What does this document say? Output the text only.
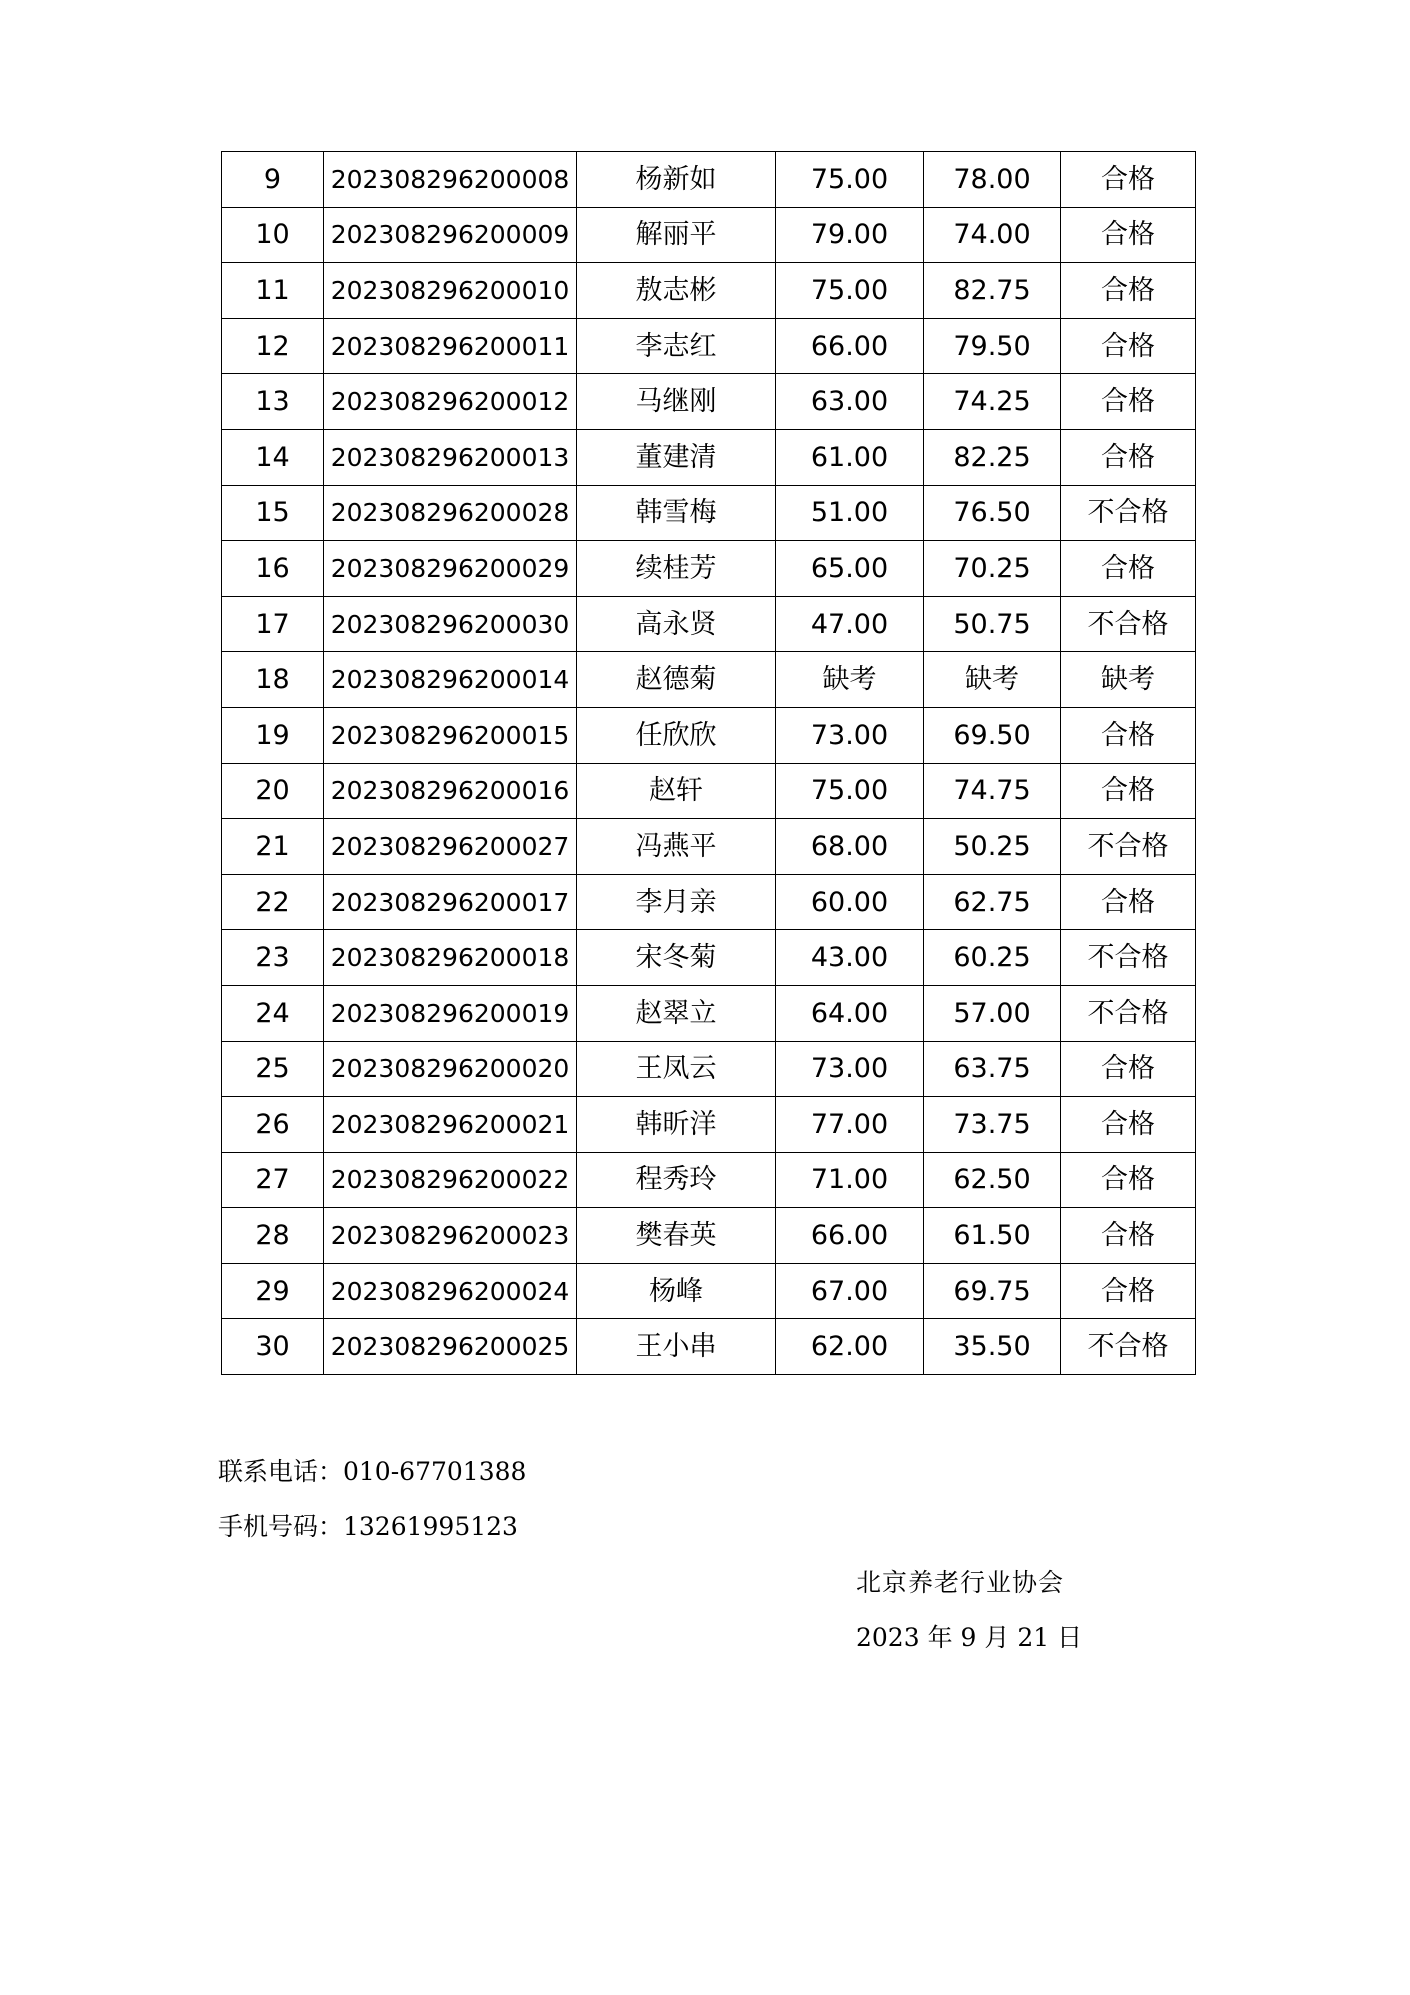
9	202308296200008	杨新如	75.00	78.00	合格
10	202308296200009	解丽平	79.00	74.00	合格
11	202308296200010	敖志彬	75.00	82.75	合格
12	202308296200011	李志红	66.00	79.50	合格
13	202308296200012	马继刚	63.00	74.25	合格
14	202308296200013	董建清	61.00	82.25	合格
15	202308296200028	韩雪梅	51.00	76.50	不合格
16	202308296200029	续桂芳	65.00	70.25	合格
17	202308296200030	高永贤	47.00	50.75	不合格
18	202308296200014	赵德菊	缺考	缺考	缺考
19	202308296200015	任欣欣	73.00	69.50	合格
20	202308296200016	赵轩	75.00	74.75	合格
21	202308296200027	冯燕平	68.00	50.25	不合格
22	202308296200017	李月亲	60.00	62.75	合格
23	202308296200018	宋冬菊	43.00	60.25	不合格
24	202308296200019	赵翠立	64.00	57.00	不合格
25	202308296200020	王凤云	73.00	63.75	合格
26	202308296200021	韩昕洋	77.00	73.75	合格
27	202308296200022	程秀玲	71.00	62.50	合格
28	202308296200023	樊春英	66.00	61.50	合格
29	202308296200024	杨峰	67.00	69.75	合格
30	202308296200025	王小串	62.00	35.50	不合格
联系电话：010-67701388
手机号码：13261995123
北京养老行业协会
2023 年 9 月 21 日
